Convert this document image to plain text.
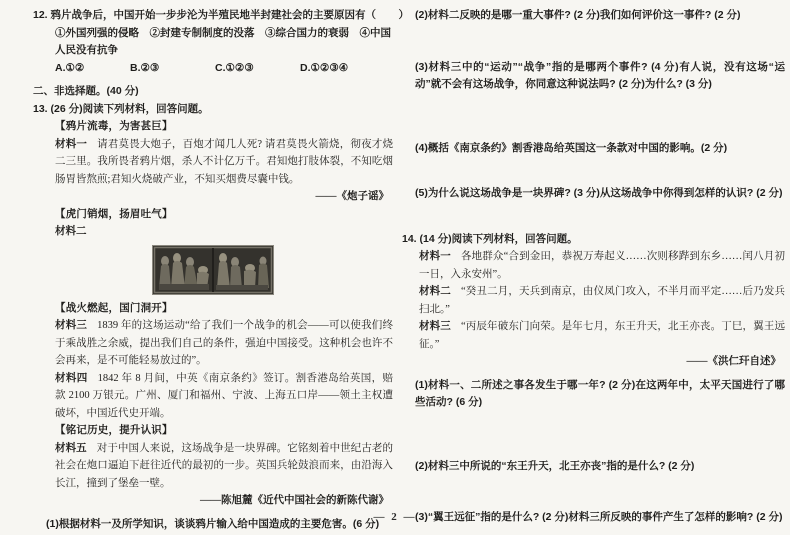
12. 鸦片战争后，中国开始一步步沦为半殖民地半封建社会的主要原因有 （　）

①外国列强的侵略　②封建专制制度的没落　③综合国力的衰弱　④中国人民没有抗争

A.①②	B.②③	C.①②③	D.①②③④

二、非选择题。(40 分)

13. (26 分)阅读下列材料，回答问题。

【鸦片流毒，为害甚巨】

材料一 请君莫畏大炮子，百炮才闻几人死? 请君莫畏火箭烧，彻夜才烧二三里。我所畏者鸦片烟，杀人不计亿万千。君知炮打肢体裂，不知吃烟肠胃皆熬煎;君知火烧破产业，不知买烟费尽囊中钱。

——《炮子谣》

【虎门销烟，扬眉吐气】

材料二

【战火燃起，国门洞开】

材料三 1839 年的这场运动“给了我们一个战争的机会——可以使我们终于乘战胜之余威，提出我们自己的条件，强迫中国接受。这种机会也许不会再来，是不可能轻易放过的”。

材料四 1842 年 8 月间，中英《南京条约》签订。割香港岛给英国，赔款 2100 万银元。广州、厦门和福州、宁波、上海五口岸——领土主权遭破坏，中国近代史开端。

【铭记历史，提升认识】

材料五 对于中国人来说，这场战争是一块界碑。它铭刻着中世纪古老的社会在炮口逼迫下赶往近代的最初的一步。英国兵轮鼓浪而来，由沿海入长江，撞到了堡垒一壁。

——陈旭麓《近代中国社会的新陈代谢》

(1)根据材料一及所学知识，谈谈鸦片输入给中国造成的主要危害。(6 分)

(2)材料二反映的是哪一重大事件? (2 分)我们如何评价这一事件? (2 分)

(3)材料三中的“运动”“战争”指的是哪两个事件? (4 分)有人说，没有这场“运动”就不会有这场战争，你同意这种说法吗? (2 分)为什么? (3 分)

(4)概括《南京条约》割香港岛给英国这一条款对中国的影响。(2 分)

(5)为什么说这场战争是一块界碑? (3 分)从这场战争中你得到怎样的认识? (2 分)

14. (14 分)阅读下列材料，回答问题。

材料一 各地群众“合到金田，恭祝万寿起义……次则移跸到东乡……闰八月初一日，入永安州”。

材料二 “癸丑二月，天兵到南京，由仪凤门攻入，不半月而平定……后乃发兵扫北。”

材料三 “丙辰年破东门向荣。是年七月，东王升天，北王亦丧。丁巳，翼王远征。”

——《洪仁玕自述》

(1)材料一、二所述之事各发生于哪一年? (2 分)在这两年中，太平天国进行了哪些活动? (6 分)

(2)材料三中所说的“东王升天，北王亦丧”指的是什么? (2 分)

(3)“翼王远征”指的是什么? (2 分)材料三所反映的事件产生了怎样的影响? (2 分)

— 2 —
